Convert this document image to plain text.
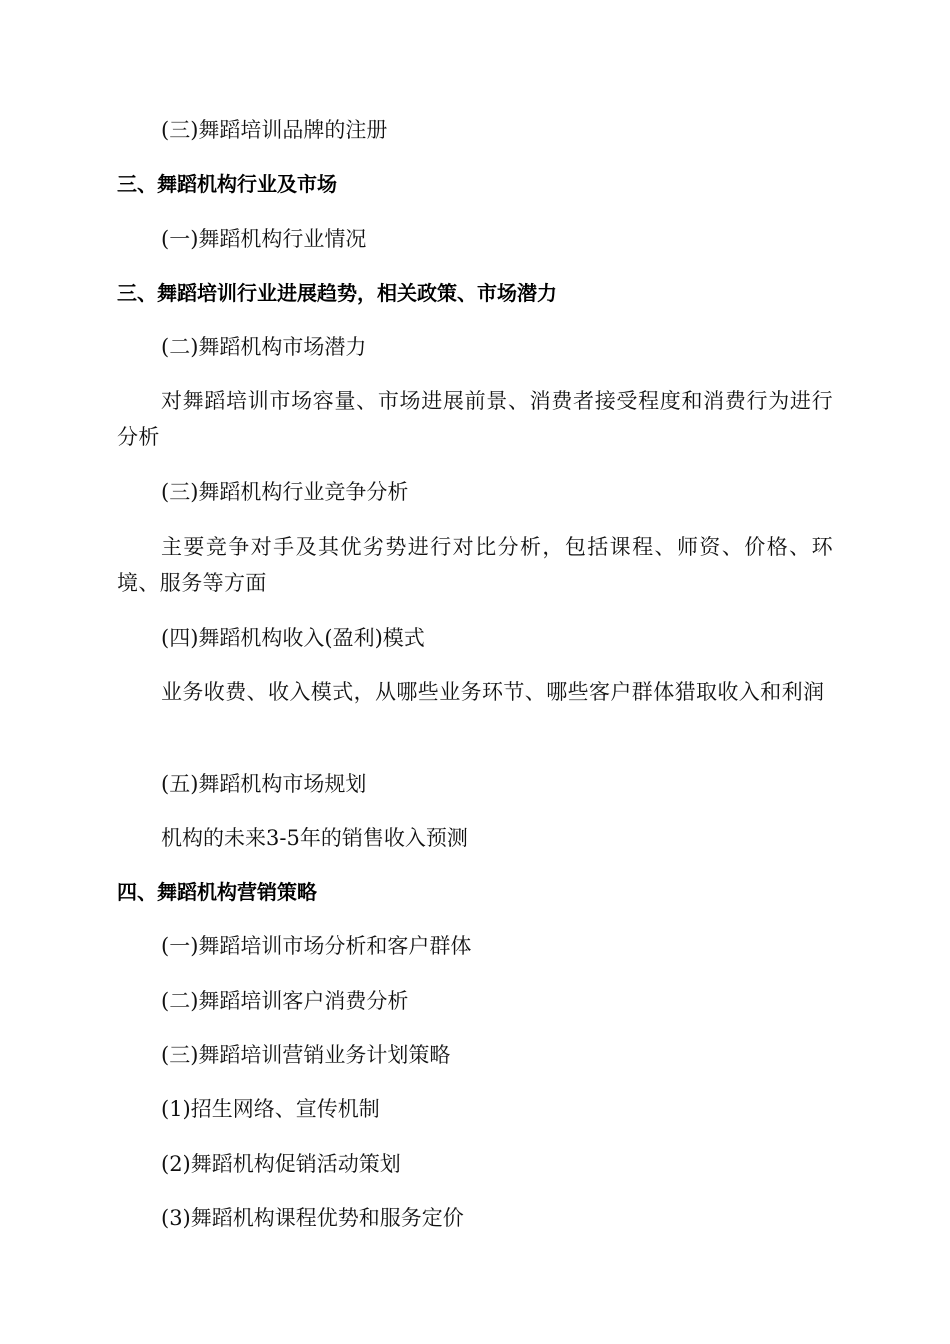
(三)舞蹈培训品牌的注册
三、舞蹈机构行业及市场
(一)舞蹈机构行业情况
三、舞蹈培训行业进展趋势，相关政策、市场潜力
(二)舞蹈机构市场潜力
对舞蹈培训市场容量、市场进展前景、消费者接受程度和消费行为进行分析
(三)舞蹈机构行业竞争分析
主要竞争对手及其优劣势进行对比分析，包括课程、师资、价格、环境、服务等方面
(四)舞蹈机构收入(盈利)模式
业务收费、收入模式，从哪些业务环节、哪些客户群体猎取收入和利润
(五)舞蹈机构市场规划
机构的未来3-5年的销售收入预测
四、舞蹈机构营销策略
(一)舞蹈培训市场分析和客户群体
(二)舞蹈培训客户消费分析
(三)舞蹈培训营销业务计划策略
(1)招生网络、宣传机制
(2)舞蹈机构促销活动策划
(3)舞蹈机构课程优势和服务定价
